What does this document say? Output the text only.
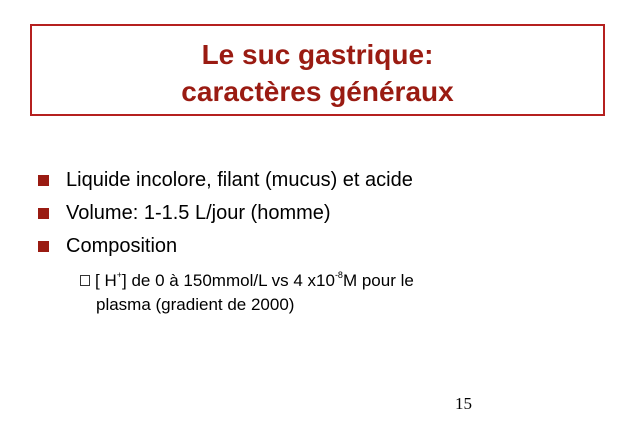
Le suc gastrique:
caractères généraux
Liquide incolore, filant (mucus) et acide
Volume: 1-1.5 L/jour (homme)
Composition
[ H+] de 0 à 150mmol/L vs 4 $x10^{-8}M$ pour le
plasma (gradient de 2000)
15
